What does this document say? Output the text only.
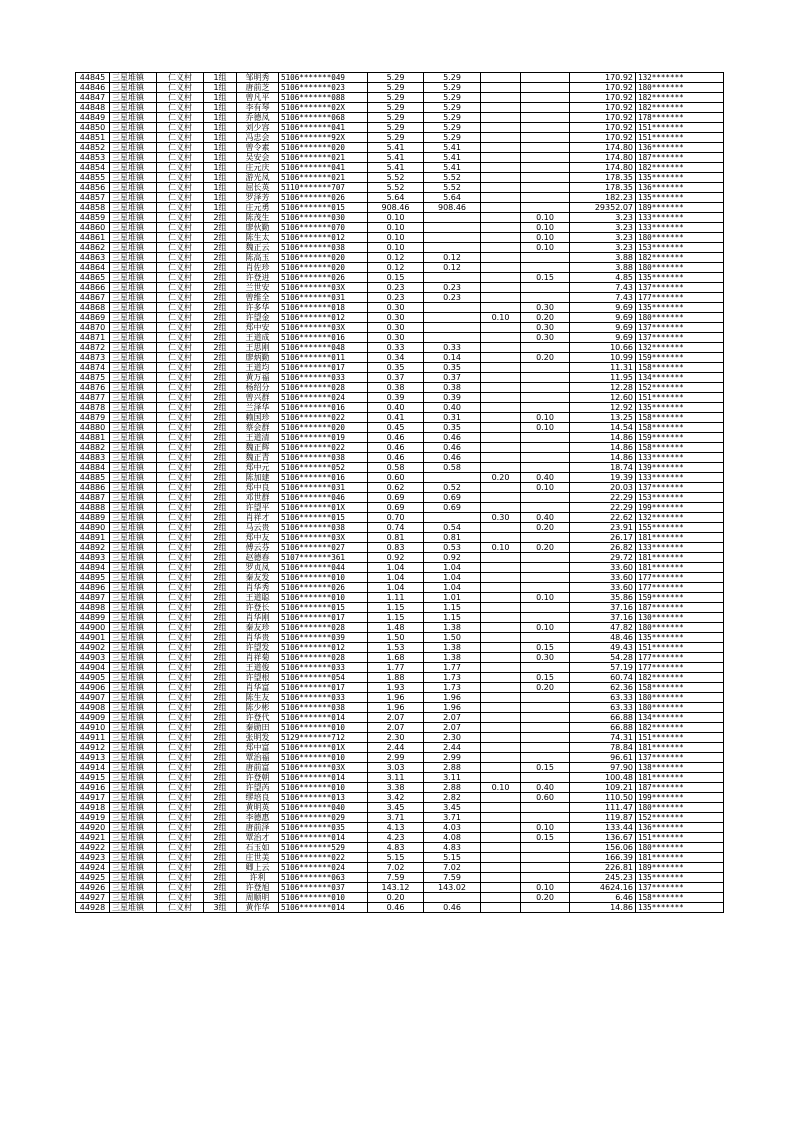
44845	三星堆镇	仁义村	1组	邹明秀	5106*******049	5.29	5.29			170.92	132*******
44846	三星堆镇	仁义村	1组	唐前芝	5106*******023	5.29	5.29			170.92	180*******
44847	三星堆镇	仁义村	1组	曾凡平	5106*******088	5.29	5.29			170.92	182*******
44848	三星堆镇	仁义村	1组	李有琴	5106*******02X	5.29	5.29			170.92	182*******
44849	三星堆镇	仁义村	1组	乔德凤	5106*******068	5.29	5.29			170.92	178*******
44850	三星堆镇	仁义村	1组	刘少容	5106*******041	5.29	5.29			170.92	151*******
44851	三星堆镇	仁义村	1组	冯忠会	5106*******92X	5.29	5.29			170.92	151*******
44852	三星堆镇	仁义村	1组	曾令素	5106*******020	5.41	5.41			174.80	136*******
44853	三星堆镇	仁义村	1组	吴安会	5106*******021	5.41	5.41			174.80	187*******
44854	三星堆镇	仁义村	1组	庄元庆	5106*******041	5.41	5.41			174.80	182*******
44855	三星堆镇	仁义村	1组	游光凤	5106*******021	5.52	5.52			178.35	135*******
44856	三星堆镇	仁义村	1组	屈长英	5110*******707	5.52	5.52			178.35	136*******
44857	三星堆镇	仁义村	1组	罗泽芳	5106*******026	5.64	5.64			182.23	135*******
44858	三星堆镇	仁义村	1组	庄元勇	5106*******015	908.46	908.46			29352.07	189*******
44859	三星堆镇	仁义村	2组	陈茂生	5106*******030	0.10			0.10	3.23	133*******
44860	三星堆镇	仁义村	2组	廖伙勤	5106*******070	0.10			0.10	3.23	133*******
44861	三星堆镇	仁义村	2组	陈生太	5106*******012	0.10			0.10	3.23	180*******
44862	三星堆镇	仁义村	2组	魏正云	5106*******038	0.10			0.10	3.23	153*******
44863	三星堆镇	仁义村	2组	陈高玉	5106*******020	0.12	0.12			3.88	182*******
44864	三星堆镇	仁义村	2组	肖佐珍	5106*******020	0.12	0.12			3.88	180*******
44865	三星堆镇	仁义村	2组	许登进	5106*******026	0.15			0.15	4.85	135*******
44866	三星堆镇	仁义村	2组	兰世安	5106*******03X	0.23	0.23			7.43	137*******
44867	三星堆镇	仁义村	2组	曾维全	5106*******031	0.23	0.23			7.43	177*******
44868	三星堆镇	仁义村	2组	许多华	5106*******018	0.30			0.30	9.69	135*******
44869	三星堆镇	仁义村	2组	许望金	5106*******012	0.30		0.10	0.20	9.69	180*******
44870	三星堆镇	仁义村	2组	郑中安	5106*******03X	0.30			0.30	9.69	137*******
44871	三星堆镇	仁义村	2组	王道成	5106*******016	0.30			0.30	9.69	137*******
44872	三星堆镇	仁义村	2组	王思刚	5106*******048	0.33	0.33			10.66	132*******
44873	三星堆镇	仁义村	2组	廖炳勤	5106*******011	0.34	0.14		0.20	10.99	159*******
44874	三星堆镇	仁义村	2组	王道均	5106*******017	0.35	0.35			11.31	158*******
44875	三星堆镇	仁义村	2组	黄万福	5106*******033	0.37	0.37			11.95	134*******
44876	三星堆镇	仁义村	2组	杨绍分	5106*******028	0.38	0.38			12.28	152*******
44877	三星堆镇	仁义村	2组	曾兴群	5106*******024	0.39	0.39			12.60	151*******
44878	三星堆镇	仁义村	2组	兰泽华	5106*******016	0.40	0.40			12.92	135*******
44879	三星堆镇	仁义村	2组	赖国珍	5106*******022	0.41	0.31		0.10	13.25	158*******
44880	三星堆镇	仁义村	2组	蔡会群	5106*******020	0.45	0.35		0.10	14.54	158*******
44881	三星堆镇	仁义村	2组	王道清	5106*******019	0.46	0.46			14.86	159*******
44882	三星堆镇	仁义村	2组	魏正辉	5106*******022	0.46	0.46			14.86	158*******
44883	三星堆镇	仁义村	2组	魏正青	5106*******038	0.46	0.46			14.86	133*******
44884	三星堆镇	仁义村	2组	郑中元	5106*******052	0.58	0.58			18.74	139*******
44885	三星堆镇	仁义村	2组	陈加建	5106*******016	0.60		0.20	0.40	19.39	133*******
44886	三星堆镇	仁义村	2组	郑中良	5106*******031	0.62	0.52		0.10	20.03	137*******
44887	三星堆镇	仁义村	2组	邓世群	5106*******046	0.69	0.69			22.29	153*******
44888	三星堆镇	仁义村	2组	许望平	5106*******01X	0.69	0.69			22.29	199*******
44889	三星堆镇	仁义村	2组	肖祥才	5106*******015	0.70		0.30	0.40	22.62	132*******
44890	三星堆镇	仁义村	2组	马云贵	5106*******038	0.74	0.54		0.20	23.91	155*******
44891	三星堆镇	仁义村	2组	郑中友	5106*******03X	0.81	0.81			26.17	181*******
44892	三星堆镇	仁义村	2组	傅云芬	5106*******027	0.83	0.53	0.10	0.20	26.82	133*******
44893	三星堆镇	仁义村	2组	赵德春	5107*******361	0.92	0.92			29.72	181*******
44894	三星堆镇	仁义村	2组	罗贞凤	5106*******044	1.04	1.04			33.60	181*******
44895	三星堆镇	仁义村	2组	秦友发	5106*******010	1.04	1.04			33.60	177*******
44896	三星堆镇	仁义村	2组	肖华秀	5106*******026	1.04	1.04			33.60	177*******
44897	三星堆镇	仁义村	2组	王道聪	5106*******010	1.11	1.01		0.10	35.86	159*******
44898	三星堆镇	仁义村	2组	许登长	5106*******015	1.15	1.15			37.16	187*******
44899	三星堆镇	仁义村	2组	肖华刚	5106*******017	1.15	1.15			37.16	130*******
44900	三星堆镇	仁义村	2组	秦友珍	5106*******028	1.48	1.38		0.10	47.82	180*******
44901	三星堆镇	仁义村	2组	肖华贵	5106*******039	1.50	1.50			48.46	135*******
44902	三星堆镇	仁义村	2组	许望发	5106*******012	1.53	1.38		0.15	49.43	151*******
44903	三星堆镇	仁义村	2组	肖祥菊	5106*******028	1.68	1.38		0.30	54.28	177*******
44904	三星堆镇	仁义村	2组	王道俊	5106*******033	1.77	1.77			57.19	177*******
44905	三星堆镇	仁义村	2组	许望根	5106*******054	1.88	1.73		0.15	60.74	182*******
44906	三星堆镇	仁义村	2组	肖华富	5106*******017	1.93	1.73		0.20	62.36	158*******
44907	三星堆镇	仁义村	2组	陈生友	5106*******033	1.96	1.96			63.33	180*******
44908	三星堆镇	仁义村	2组	陈少彬	5106*******038	1.96	1.96			63.33	180*******
44909	三星堆镇	仁义村	2组	许登代	5106*******014	2.07	2.07			66.88	134*******
44910	三星堆镇	仁义村	2组	秦勋田	5106*******010	2.07	2.07			66.88	182*******
44911	三星堆镇	仁义村	2组	张明发	5129*******712	2.30	2.30			74.31	151*******
44912	三星堆镇	仁义村	2组	郑中富	5106*******01X	2.44	2.44			78.84	181*******
44913	三星堆镇	仁义村	2组	覃治福	5106*******010	2.99	2.99			96.61	137*******
44914	三星堆镇	仁义村	2组	唐前富	5106*******03X	3.03	2.88		0.15	97.90	138*******
44915	三星堆镇	仁义村	2组	许登朝	5106*******014	3.11	3.11			100.48	181*******
44916	三星堆镇	仁义村	2组	许望芮	5106*******010	3.38	2.88	0.10	0.40	109.21	187*******
44917	三星堆镇	仁义村	2组	缪培良	5106*******013	3.42	2.82		0.60	110.50	199*******
44918	三星堆镇	仁义村	2组	黄明英	5106*******040	3.45	3.45			111.47	180*******
44919	三星堆镇	仁义村	2组	李德惠	5106*******029	3.71	3.71			119.87	152*******
44920	三星堆镇	仁义村	2组	唐前泽	5106*******035	4.13	4.03		0.10	133.44	136*******
44921	三星堆镇	仁义村	2组	覃治才	5106*******014	4.23	4.08		0.15	136.67	151*******
44922	三星堆镇	仁义村	2组	石玉如	5106*******529	4.83	4.83			156.06	180*******
44923	三星堆镇	仁义村	2组	庄世美	5106*******022	5.15	5.15			166.39	181*******
44924	三星堆镇	仁义村	2组	卿上云	5106*******024	7.02	7.02			226.81	189*******
44925	三星堆镇	仁义村	2组	许利	5106*******063	7.59	7.59			245.23	135*******
44926	三星堆镇	仁义村	2组	许登旭	5106*******037	143.12	143.02		0.10	4624.16	137*******
44927	三星堆镇	仁义村	3组	周顺明	5106*******010	0.20			0.20	6.46	158*******
44928	三星堆镇	仁义村	3组	黄作华	5106*******014	0.46	0.46			14.86	135*******
